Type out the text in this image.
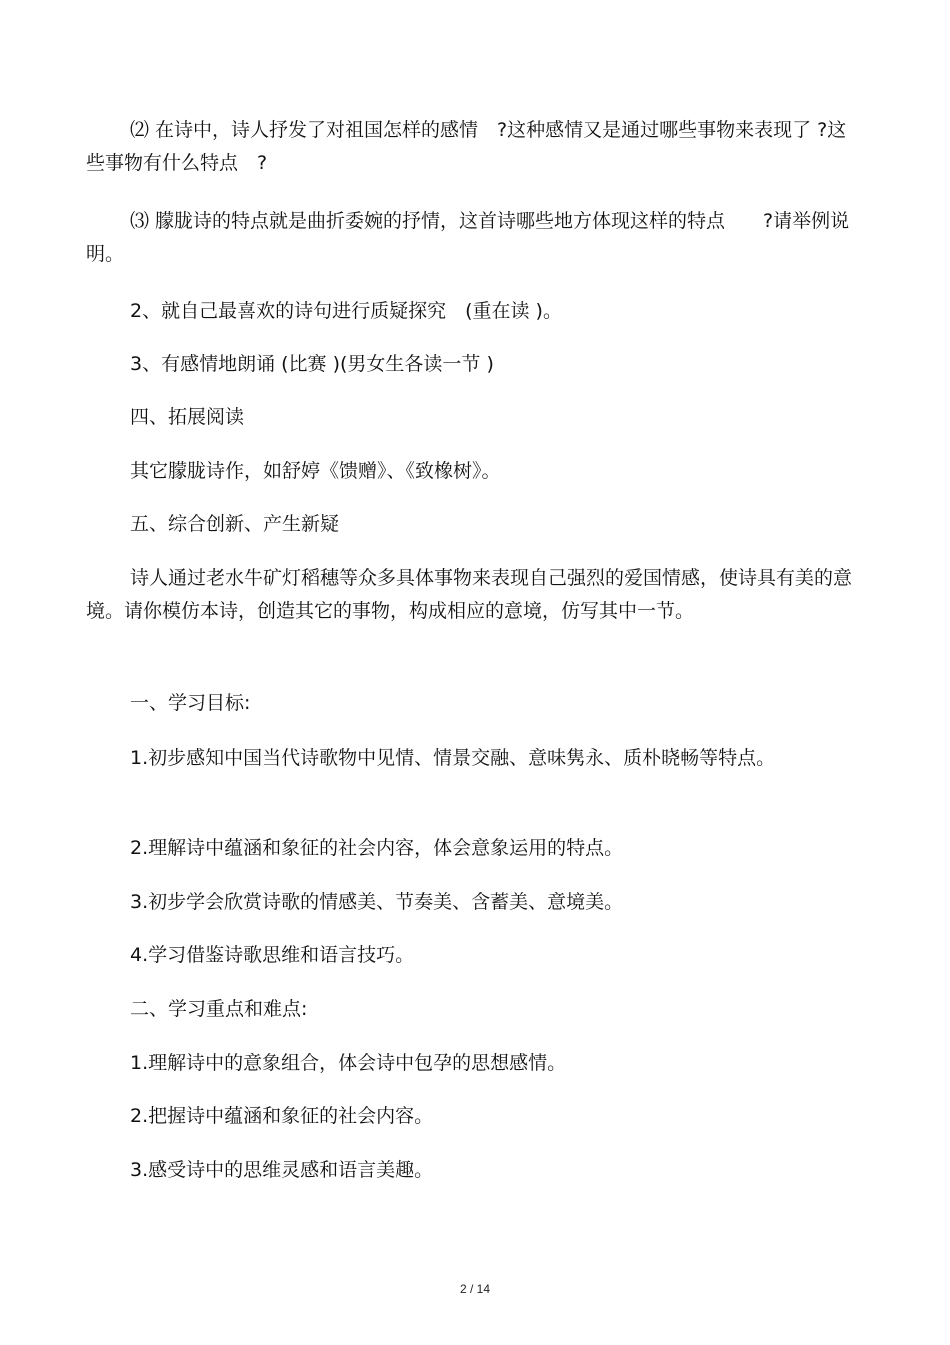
⑵ 在诗中，诗人抒发了对祖国怎样的感情　?这种感情又是通过哪些事物来表现了 ?这些事物有什么特点　?

⑶ 朦胧诗的特点就是曲折委婉的抒情，这首诗哪些地方体现这样的特点　　?请举例说明。

2、就自己最喜欢的诗句进行质疑探究　(重在读 )。

3、有感情地朗诵 (比赛 )(男女生各读一节 )

四、拓展阅读

其它朦胧诗作，如舒婷《馈赠》、《致橡树》。

五、综合创新、产生新疑

诗人通过老水牛矿灯稻穗等众多具体事物来表现自己强烈的爱国情感，使诗具有美的意境。请你模仿本诗，创造其它的事物，构成相应的意境，仿写其中一节。

一、学习目标:

1.初步感知中国当代诗歌物中见情、情景交融、意味隽永、质朴晓畅等特点。

2.理解诗中蕴涵和象征的社会内容，体会意象运用的特点。

3.初步学会欣赏诗歌的情感美、节奏美、含蓄美、意境美。

4.学习借鉴诗歌思维和语言技巧。

二、学习重点和难点:

1.理解诗中的意象组合，体会诗中包孕的思想感情。

2.把握诗中蕴涵和象征的社会内容。

3.感受诗中的思维灵感和语言美趣。

2 / 14
